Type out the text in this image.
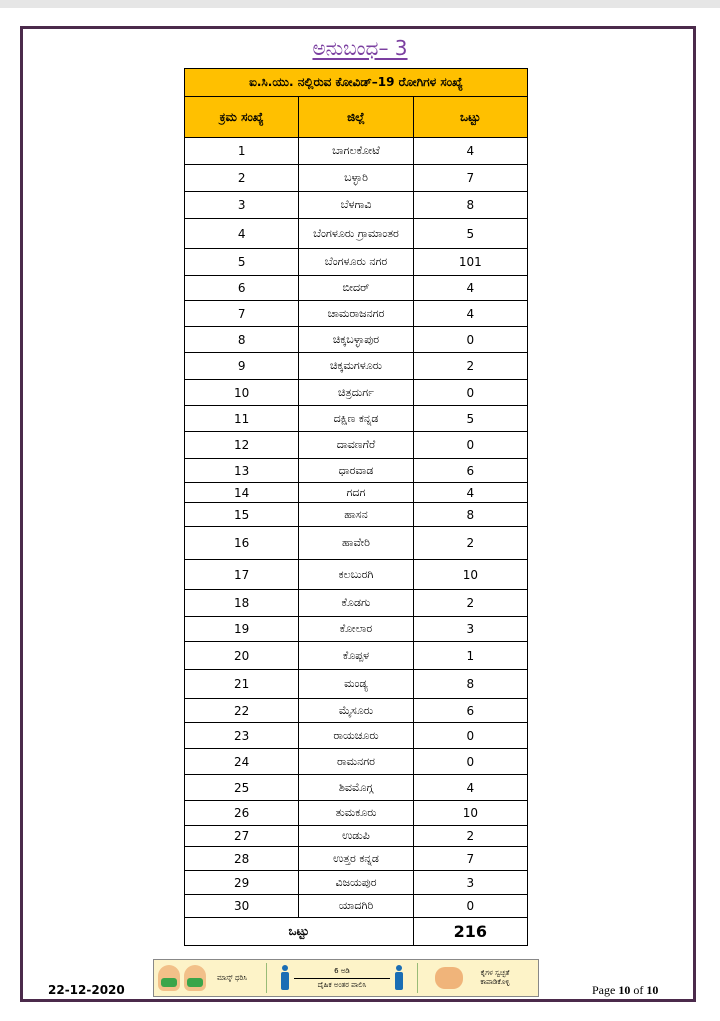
ಅನುಬಂಧ– 3
ಐ.ಸಿ.ಯು. ನಲ್ಲಿರುವ ಕೋವಿಡ್–19 ರೋಗಿಗಳ ಸಂಖ್ಯೆ		
ಕ್ರಮ ಸಂಖ್ಯೆ	ಜಿಲ್ಲೆ	ಒಟ್ಟು
1	ಬಾಗಲಕೋಟೆ	4
2	ಬಳ್ಳಾರಿ	7
3	ಬೆಳಗಾವಿ	8
4	ಬೆಂಗಳೂರು ಗ್ರಾಮಾಂತರ	5
5	ಬೆಂಗಳೂರು ನಗರ	101
6	ಬೀದರ್	4
7	ಚಾಮರಾಜನಗರ	4
8	ಚಿಕ್ಕಬಳ್ಳಾಪುರ	0
9	ಚಿಕ್ಕಮಗಳೂರು	2
10	ಚಿತ್ರದುರ್ಗ	0
11	ದಕ್ಷಿಣ ಕನ್ನಡ	5
12	ದಾವಣಗೆರೆ	0
13	ಧಾರವಾಡ	6
14	ಗದಗ	4
15	ಹಾಸನ	8
16	ಹಾವೇರಿ	2
17	ಕಲಬುರಗಿ	10
18	ಕೊಡಗು	2
19	ಕೋಲಾರ	3
20	ಕೊಪ್ಪಳ	1
21	ಮಂಡ್ಯ	8
22	ಮೈಸೂರು	6
23	ರಾಯಚೂರು	0
24	ರಾಮನಗರ	0
25	ಶಿವಮೊಗ್ಗ	4
26	ತುಮಕೂರು	10
27	ಉಡುಪಿ	2
28	ಉತ್ತರ ಕನ್ನಡ	7
29	ವಿಜಯಪುರ	3
30	ಯಾದಗಿರಿ	0
ಒಟ್ಟು		216
ಮಾಸ್ಕ್ ಧರಿಸಿ
6 ಅಡಿ
ದೈಹಿಕ ಅಂತರ ಪಾಲಿಸಿ
ಕೈಗಳ ಸ್ವಚ್ಛತೆ ಕಾಪಾಡಿಕೊಳ್ಳಿ
22-12-2020	Page 10 of 10
